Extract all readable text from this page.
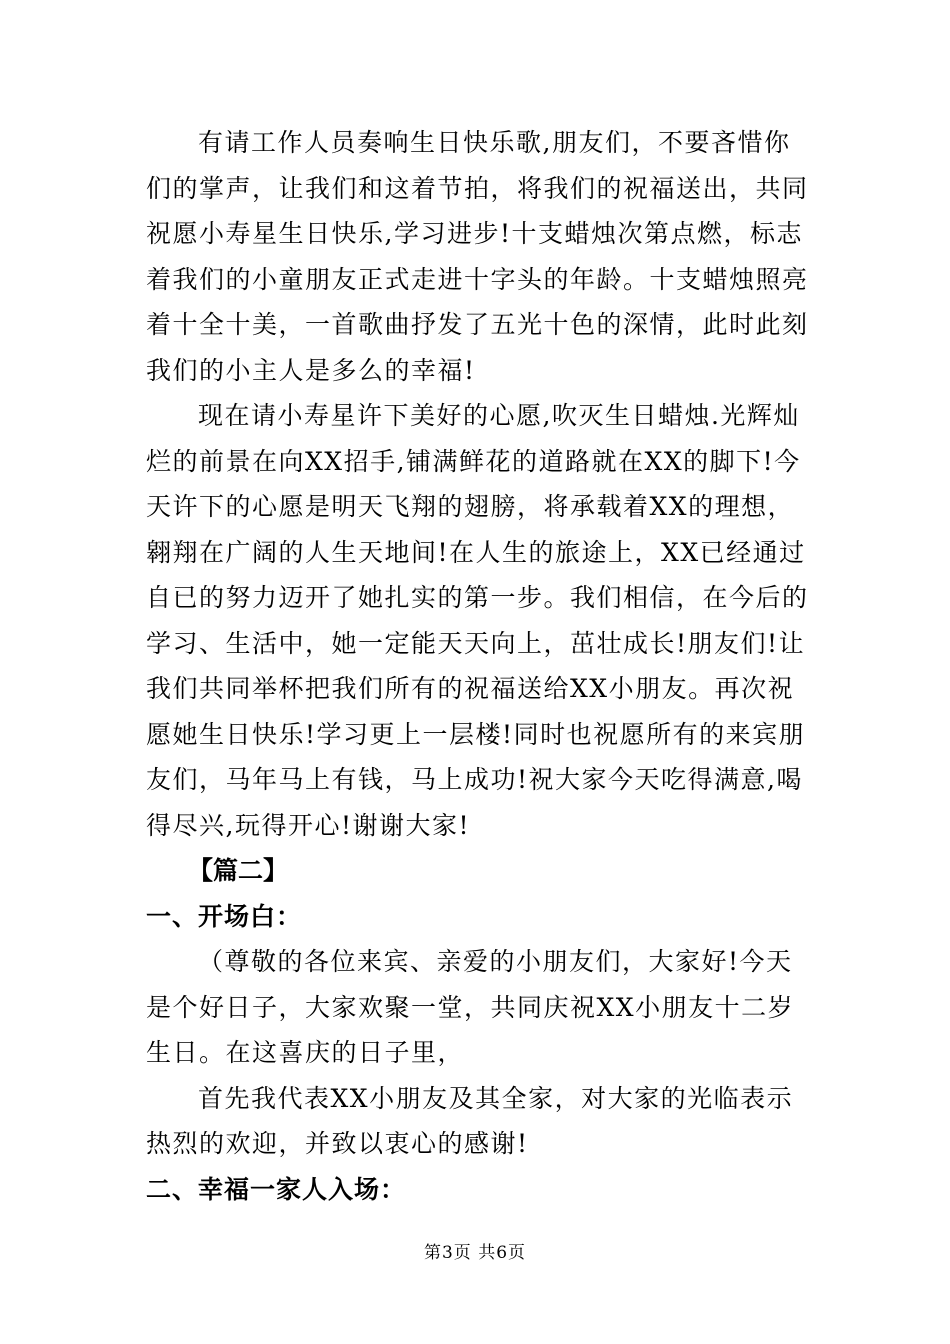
有请工作人员奏响生日快乐歌,朋友们，不要吝惜你们的掌声，让我们和这着节拍，将我们的祝福送出，共同祝愿小寿星生日快乐,学习进步!十支蜡烛次第点燃，标志着我们的小童朋友正式走进十字头的年龄。十支蜡烛照亮着十全十美，一首歌曲抒发了五光十色的深情，此时此刻我们的小主人是多么的幸福!

现在请小寿星许下美好的心愿,吹灭生日蜡烛.光辉灿烂的前景在向XX招手,铺满鲜花的道路就在XX的脚下!今天许下的心愿是明天飞翔的翅膀，将承载着XX的理想，翱翔在广阔的人生天地间!在人生的旅途上，XX已经通过自已的努力迈开了她扎实的第一步。我们相信，在今后的学习、生活中，她一定能天天向上，茁壮成长!朋友们!让我们共同举杯把我们所有的祝福送给XX小朋友。再次祝愿她生日快乐!学习更上一层楼!同时也祝愿所有的来宾朋友们，马年马上有钱，马上成功!祝大家今天吃得满意,喝得尽兴,玩得开心!谢谢大家!

【篇二】

一、开场白：

（尊敬的各位来宾、亲爱的小朋友们，大家好!今天是个好日子，大家欢聚一堂，共同庆祝XX小朋友十二岁生日。在这喜庆的日子里，

首先我代表XX小朋友及其全家，对大家的光临表示热烈的欢迎，并致以衷心的感谢!

二、幸福一家人入场：

第3页 共6页
